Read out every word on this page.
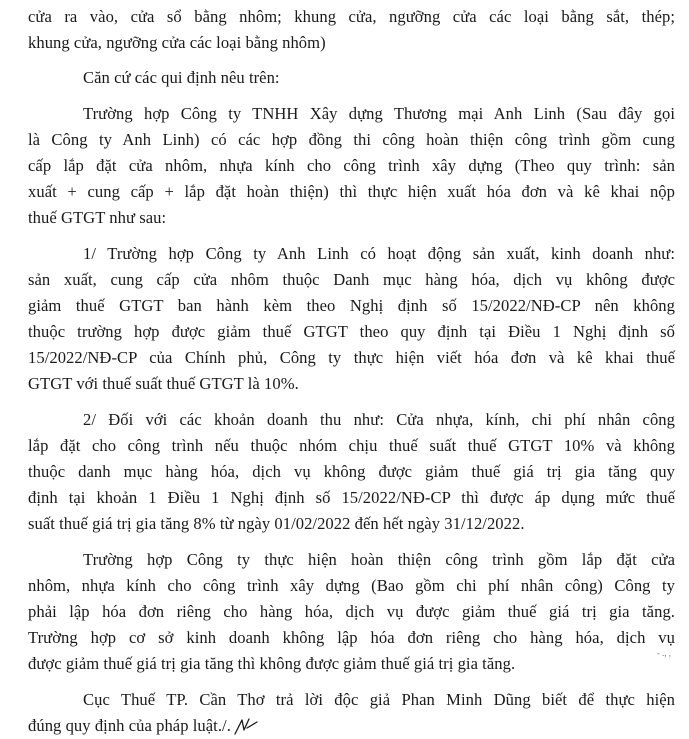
cửa ra vào, cửa sổ bằng nhôm; khung cửa, ngưỡng cửa các loại bằng sắt, thép;
khung cửa, ngưỡng cửa các loại bằng nhôm)
Căn cứ các qui định nêu trên:
Trường hợp Công ty TNHH Xây dựng Thương mại Anh Linh (Sau đây gọi
là Công ty Anh Linh) có các hợp đồng thi công hoàn thiện công trình gồm cung
cấp lắp đặt cửa nhôm, nhựa kính cho công trình xây dựng (Theo quy trình: sản
xuất + cung cấp + lắp đặt hoàn thiện) thì thực hiện xuất hóa đơn và kê khai nộp
thuế GTGT như sau:
1/ Trường hợp Công ty Anh Linh có hoạt động sản xuất, kinh doanh như:
sản xuất, cung cấp cửa nhôm thuộc Danh mục hàng hóa, dịch vụ không được
giảm thuế GTGT ban hành kèm theo Nghị định số 15/2022/NĐ-CP nên không
thuộc trường hợp được giảm thuế GTGT theo quy định tại Điều 1 Nghị định số
15/2022/NĐ-CP của Chính phủ, Công ty thực hiện viết hóa đơn và kê khai thuế
GTGT với thuế suất thuế GTGT là 10%.
2/ Đối với các khoản doanh thu như: Cửa nhựa, kính, chi phí nhân công
lắp đặt cho công trình nếu thuộc nhóm chịu thuế suất thuế GTGT 10% và không
thuộc danh mục hàng hóa, dịch vụ không được giảm thuế giá trị gia tăng quy
định tại khoản 1 Điều 1 Nghị định số 15/2022/NĐ-CP thì được áp dụng mức thuế
suất thuế giá trị gia tăng 8% từ ngày 01/02/2022 đến hết ngày 31/12/2022.
Trường hợp Công ty thực hiện hoàn thiện công trình gồm lắp đặt cửa
nhôm, nhựa kính cho công trình xây dựng (Bao gồm chi phí nhân công) Công ty
phải lập hóa đơn riêng cho hàng hóa, dịch vụ được giảm thuế giá trị gia tăng.
Trường hợp cơ sở kinh doanh không lập hóa đơn riêng cho hàng hóa, dịch vụ
được giảm thuế giá trị gia tăng thì không được giảm thuế giá trị gia tăng.
Cục Thuế TP. Cần Thơ trả lời độc giả Phan Minh Dũng biết để thực hiện
đúng quy định của pháp luật./.
- ., ,
